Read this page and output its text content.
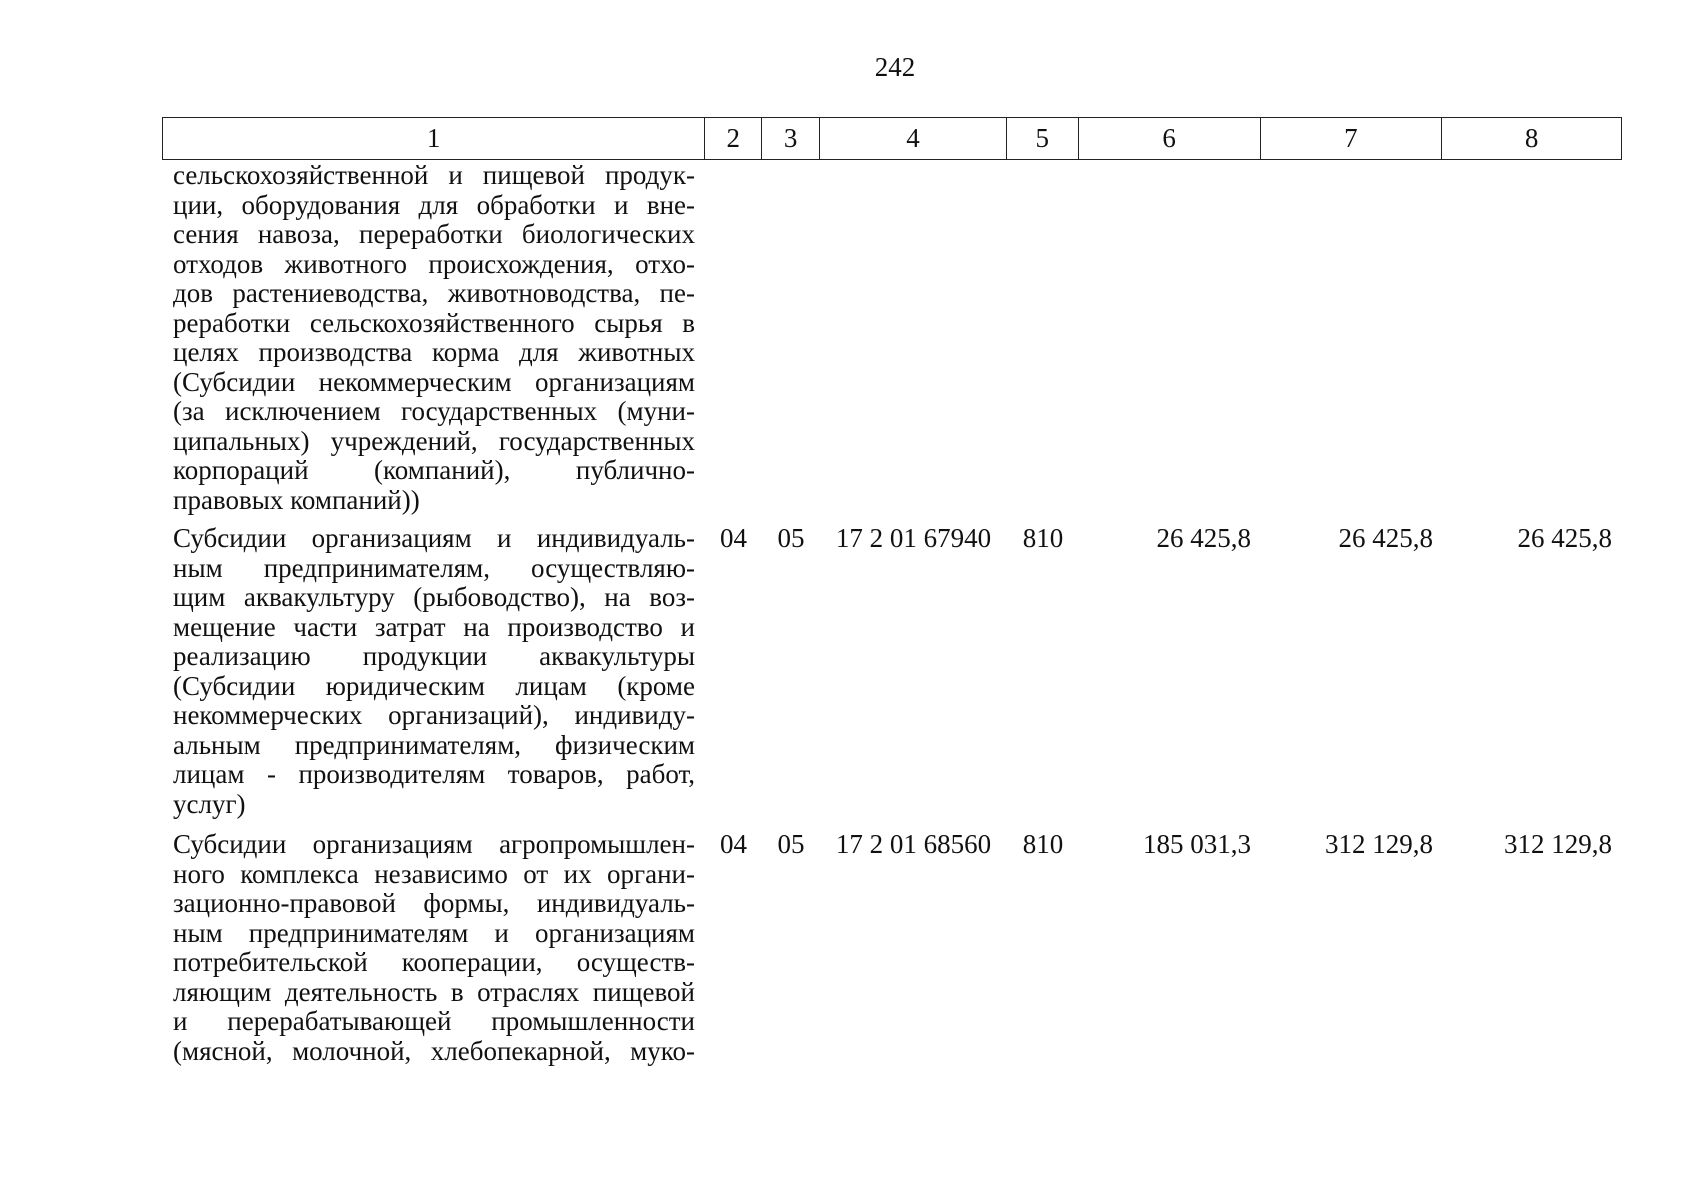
242
1	2	3	4	5	6	7	8
сельскохозяйственной и пищевой продук-
ции, оборудования для обработки и вне-
сения навоза, переработки биологических
отходов животного происхождения, отхо-
дов растениеводства, животноводства, пе-
реработки сельскохозяйственного сырья в
целях производства корма для животных
(Субсидии некоммерческим организациям
(за исключением государственных (муни-
ципальных) учреждений, государственных
корпораций (компаний), публично-
правовых компаний))
Субсидии организациям и индивидуаль-
ным предпринимателям, осуществляю-
щим аквакультуру (рыбоводство), на воз-
мещение части затрат на производство и
реализацию продукции аквакультуры
(Субсидии юридическим лицам (кроме
некоммерческих организаций), индивиду-
альным предпринимателям, физическим
лицам - производителям товаров, работ,
услуг)
04	05	17 2 01 67940	810	26 425,8	26 425,8	26 425,8
Субсидии организациям агропромышлен-
ного комплекса независимо от их органи-
зационно-правовой формы, индивидуаль-
ным предпринимателям и организациям
потребительской кооперации, осуществ-
ляющим деятельность в отраслях пищевой
и перерабатывающей промышленности
(мясной, молочной, хлебопекарной, муко-
04	05	17 2 01 68560	810	185 031,3	312 129,8	312 129,8
